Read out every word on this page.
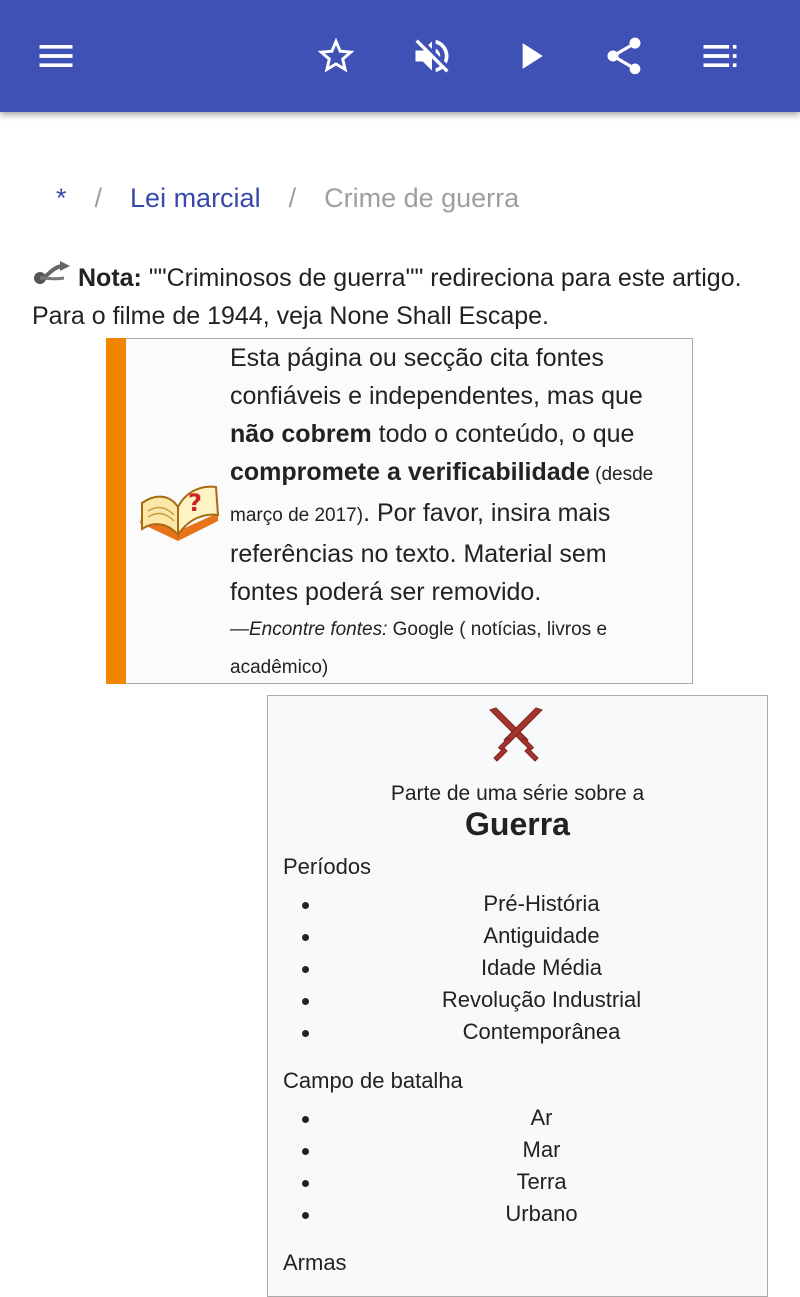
* / Lei marcial / Crime de guerra
Nota: ""Criminosos de guerra"" redireciona para este artigo. Para o filme de 1944, veja None Shall Escape.
?
Esta página ou secção cita fontes confiáveis e independentes, mas que não cobrem todo o conteúdo, o que compromete a verificabilidade (desde março de 2017). Por favor, insira mais referências no texto. Material sem fontes poderá ser removido.
—Encontre fontes: Google ( notícias, livros e acadêmico)
Parte de uma série sobre a
Guerra
Períodos
Pré-História
Antiguidade
Idade Média
Revolução Industrial
Contemporânea
Campo de batalha
Ar
Mar
Terra
Urbano
Armas
